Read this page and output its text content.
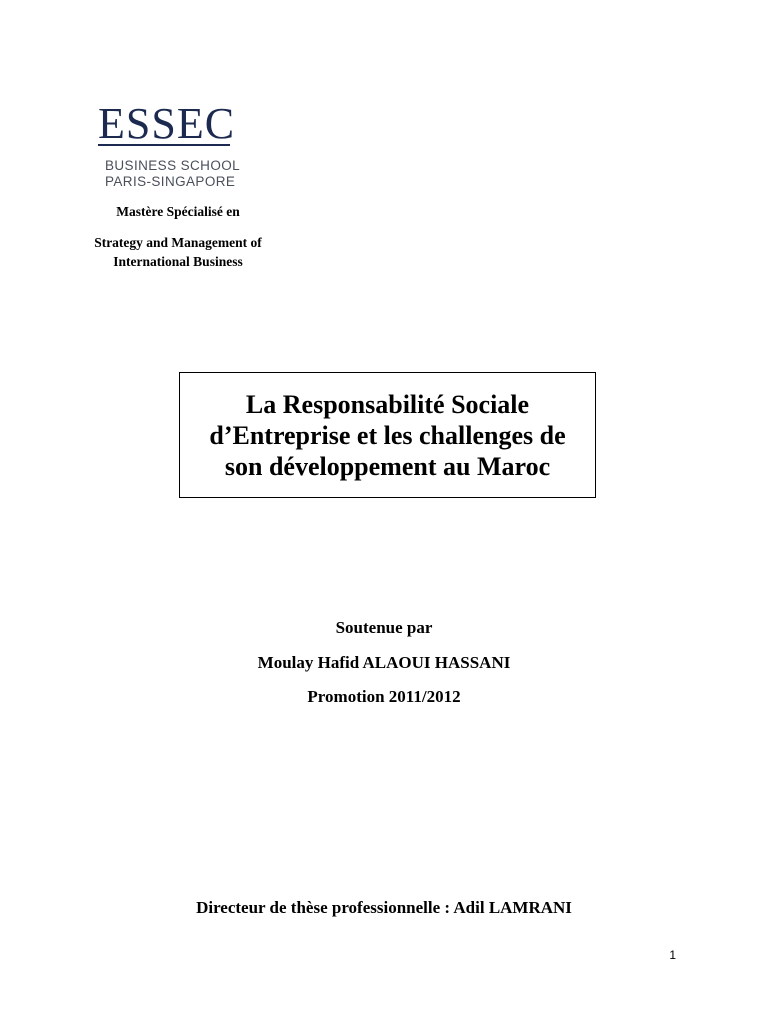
ESSEC
BUSINESS SCHOOL
PARIS-SINGAPORE
Mastère Spécialisé en
Strategy and Management of
International Business
La Responsabilité Sociale
d’Entreprise et les challenges de
son développement au Maroc
Soutenue par
Moulay Hafid ALAOUI HASSANI
Promotion 2011/2012
Directeur de thèse professionnelle : Adil LAMRANI
1
